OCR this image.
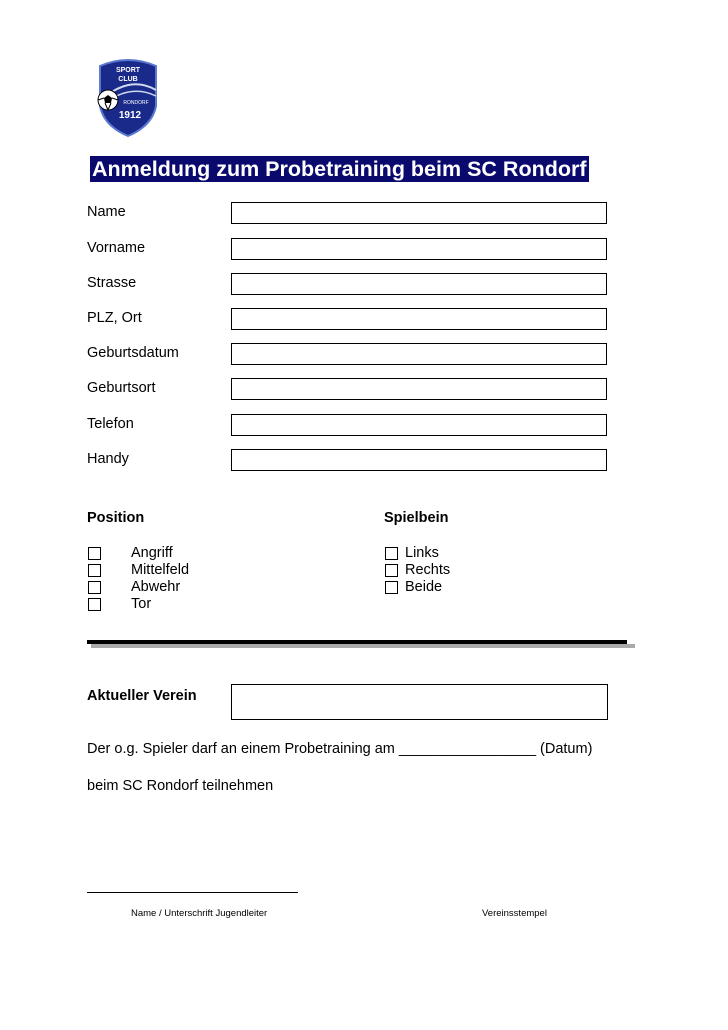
SPORT
CLUB
RONDORF
1912
Anmeldung zum Probetraining beim SC Rondorf
Name
Vorname
Strasse
PLZ, Ort
Geburtsdatum
Geburtsort
Telefon
Handy
Position
Angriff
Mittelfeld
Abwehr
Tor
Spielbein
Links
Rechts
Beide
Aktueller Verein
Der o.g. Spieler darf an einem Probetraining am _________________ (Datum)
beim SC Rondorf teilnehmen
Name / Unterschrift Jugendleiter	Vereinsstempel
